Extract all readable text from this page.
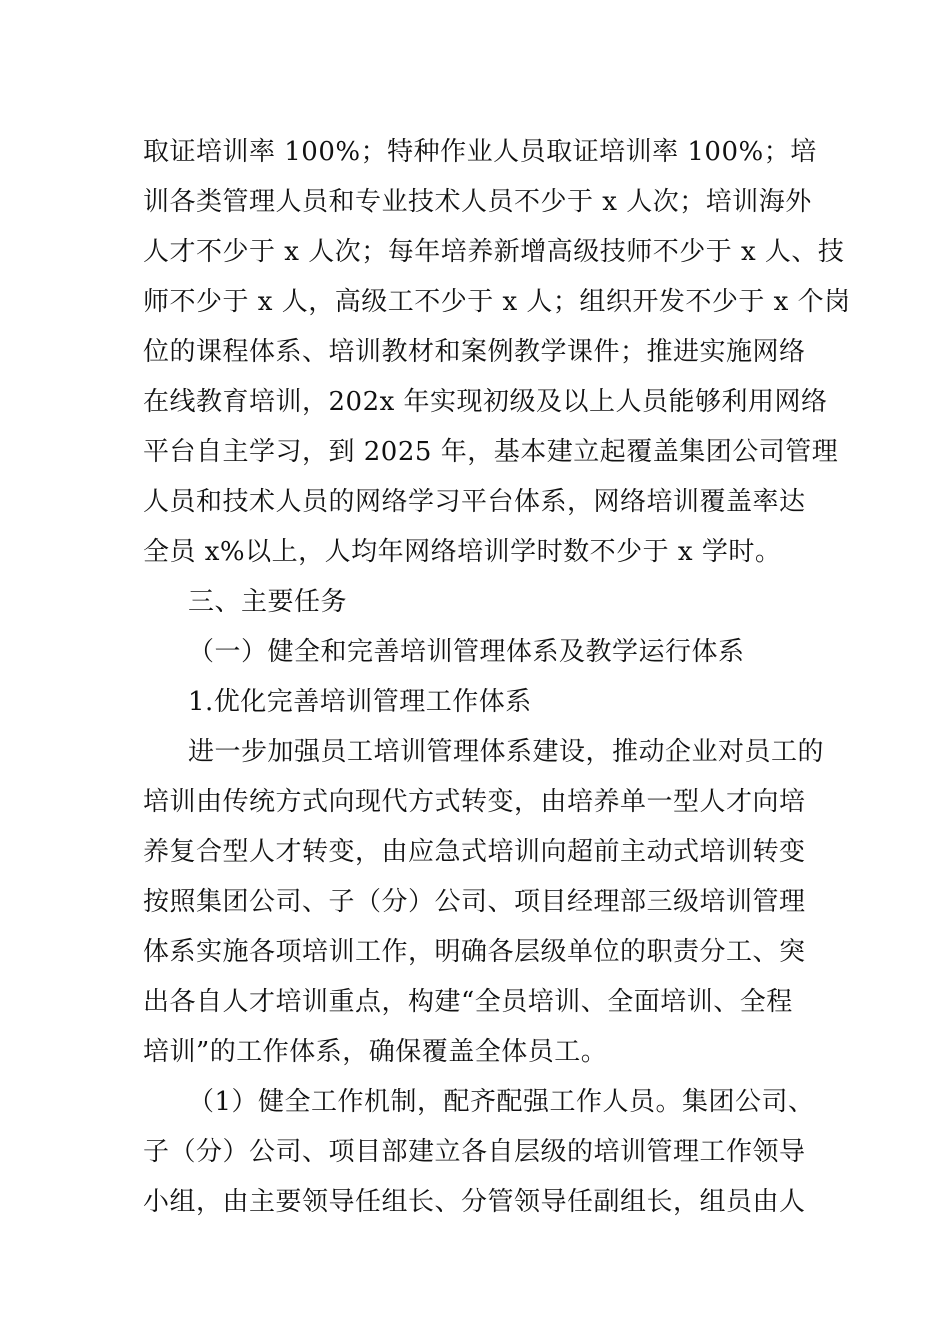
取证培训率 100%；特种作业人员取证培训率 100%；培
训各类管理人员和专业技术人员不少于 x 人次；培训海外
人才不少于 x 人次；每年培养新增高级技师不少于 x 人、技
师不少于 x 人，高级工不少于 x 人；组织开发不少于 x 个岗
位的课程体系、培训教材和案例教学课件；推进实施网络
在线教育培训，202x 年实现初级及以上人员能够利用网络
平台自主学习，到 2025 年，基本建立起覆盖集团公司管理
人员和技术人员的网络学习平台体系，网络培训覆盖率达
全员 x%以上，人均年网络培训学时数不少于 x 学时。
三、主要任务
（一）健全和完善培训管理体系及教学运行体系
1.优化完善培训管理工作体系
进一步加强员工培训管理体系建设，推动企业对员工的
培训由传统方式向现代方式转变，由培养单一型人才向培
养复合型人才转变，由应急式培训向超前主动式培训转变
按照集团公司、子（分）公司、项目经理部三级培训管理
体系实施各项培训工作，明确各层级单位的职责分工、突
出各自人才培训重点，构建“全员培训、全面培训、全程
培训”的工作体系，确保覆盖全体员工。
（1）健全工作机制，配齐配强工作人员。集团公司、
子（分）公司、项目部建立各自层级的培训管理工作领导
小组，由主要领导任组长、分管领导任副组长，组员由人
